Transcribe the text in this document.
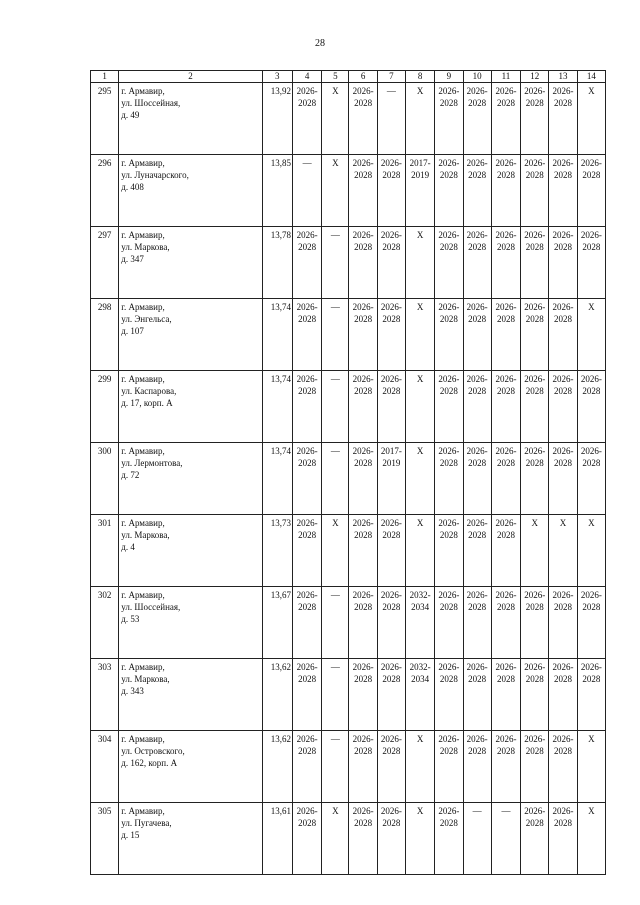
28
1	2	3	4	5	6	7	8	9	10	11	12	13	14
295	г. Армавир,
ул. Шоссейная,
д. 49	13,92	2026-
2028	X	2026-
2028	—	X	2026-
2028	2026-
2028	2026-
2028	2026-
2028	2026-
2028	X
296	г. Армавир,
ул. Луначарского,
д. 408	13,85	—	X	2026-
2028	2026-
2028	2017-
2019	2026-
2028	2026-
2028	2026-
2028	2026-
2028	2026-
2028	2026-
2028

297	г. Армавир,
ул. Маркова,
д. 347	13,78	2026-
2028	—	2026-
2028	2026-
2028	X	2026-
2028	2026-
2028	2026-
2028	2026-
2028	2026-
2028	2026-
2028

298	г. Армавир,
ул. Энгельса,
д. 107	13,74	2026-
2028	—	2026-
2028	2026-
2028	X	2026-
2028	2026-
2028	2026-
2028	2026-
2028	2026-
2028	X
299	г. Армавир,
ул. Каспарова,
д. 17, корп. А	13,74	2026-
2028	—	2026-
2028	2026-
2028	X	2026-
2028	2026-
2028	2026-
2028	2026-
2028	2026-
2028	2026-
2028

300	г. Армавир,
ул. Лермонтова,
д. 72	13,74	2026-
2028	—	2026-
2028	2017-
2019	X	2026-
2028	2026-
2028	2026-
2028	2026-
2028	2026-
2028	2026-
2028

301	г. Армавир,
ул. Маркова,
д. 4	13,73	2026-
2028	X	2026-
2028	2026-
2028	X	2026-
2028	2026-
2028	2026-
2028	X	X	X
302	г. Армавир,
ул. Шоссейная,
д. 53	13,67	2026-
2028	—	2026-
2028	2026-
2028	2032-
2034	2026-
2028	2026-
2028	2026-
2028	2026-
2028	2026-
2028	2026-
2028

303	г. Армавир,
ул. Маркова,
д. 343	13,62	2026-
2028	—	2026-
2028	2026-
2028	2032-
2034	2026-
2028	2026-
2028	2026-
2028	2026-
2028	2026-
2028	2026-
2028

304	г. Армавир,
ул. Островского,
д. 162, корп. А	13,62	2026-
2028	—	2026-
2028	2026-
2028	X	2026-
2028	2026-
2028	2026-
2028	2026-
2028	2026-
2028	X
305	г. Армавир,
ул. Пугачева,
д. 15	13,61	2026-
2028	X	2026-
2028	2026-
2028	X	2026-
2028	—	—	2026-
2028	2026-
2028	X
